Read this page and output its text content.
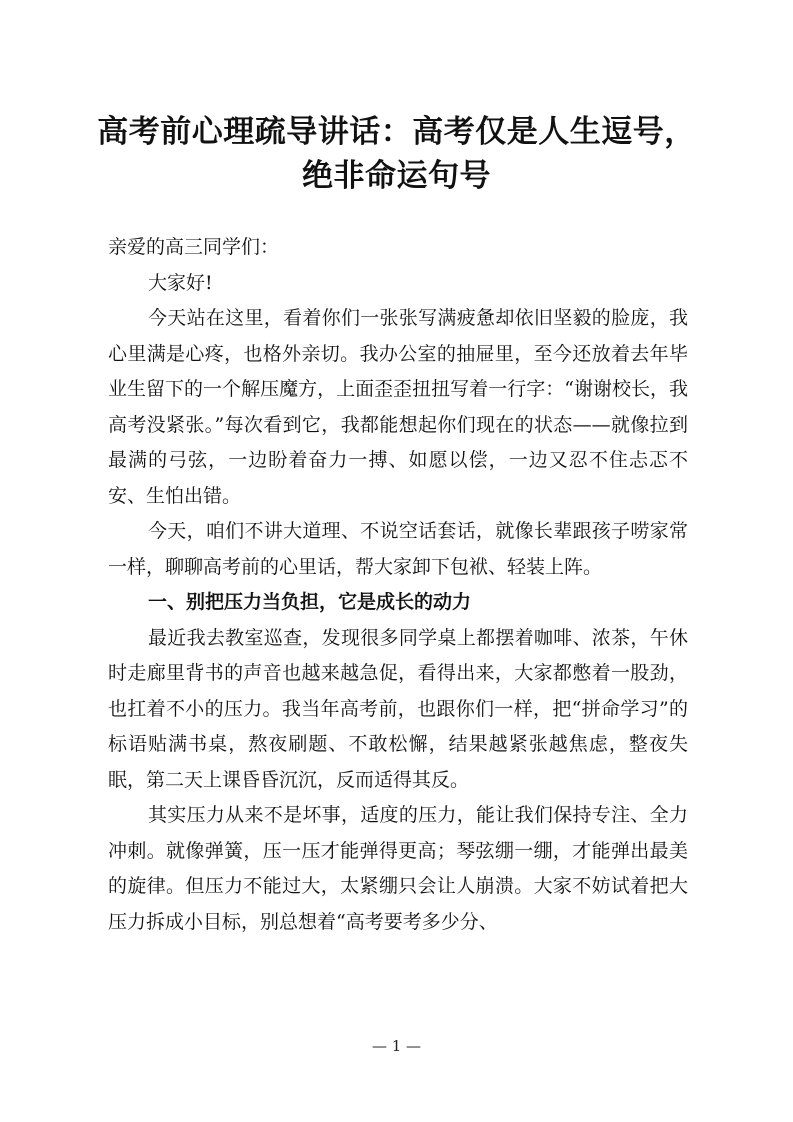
高考前心理疏导讲话：高考仅是人生逗号，
绝非命运句号

亲爱的高三同学们：

大家好!

今天站在这里，看着你们一张张写满疲惫却依旧坚毅的脸庞，我心里满是心疼，也格外亲切。我办公室的抽屉里，至今还放着去年毕业生留下的一个解压魔方，上面歪歪扭扭写着一行字：“谢谢校长，我高考没紧张。”每次看到它，我都能想起你们现在的状态——就像拉到最满的弓弦，一边盼着奋力一搏、如愿以偿，一边又忍不住忐忑不安、生怕出错。

今天，咱们不讲大道理、不说空话套话，就像长辈跟孩子唠家常一样，聊聊高考前的心里话，帮大家卸下包袱、轻装上阵。

一、别把压力当负担，它是成长的动力

最近我去教室巡查，发现很多同学桌上都摆着咖啡、浓茶，午休时走廊里背书的声音也越来越急促，看得出来，大家都憋着一股劲，也扛着不小的压力。我当年高考前，也跟你们一样，把“拼命学习”的标语贴满书桌，熬夜刷题、不敢松懈，结果越紧张越焦虑，整夜失眠，第二天上课昏昏沉沉，反而适得其反。

其实压力从来不是坏事，适度的压力，能让我们保持专注、全力冲刺。就像弹簧，压一压才能弹得更高；琴弦绷一绷，才能弹出最美的旋律。但压力不能过大，太紧绷只会让人崩溃。大家不妨试着把大压力拆成小目标，别总想着“高考要考多少分、

— 1 —
